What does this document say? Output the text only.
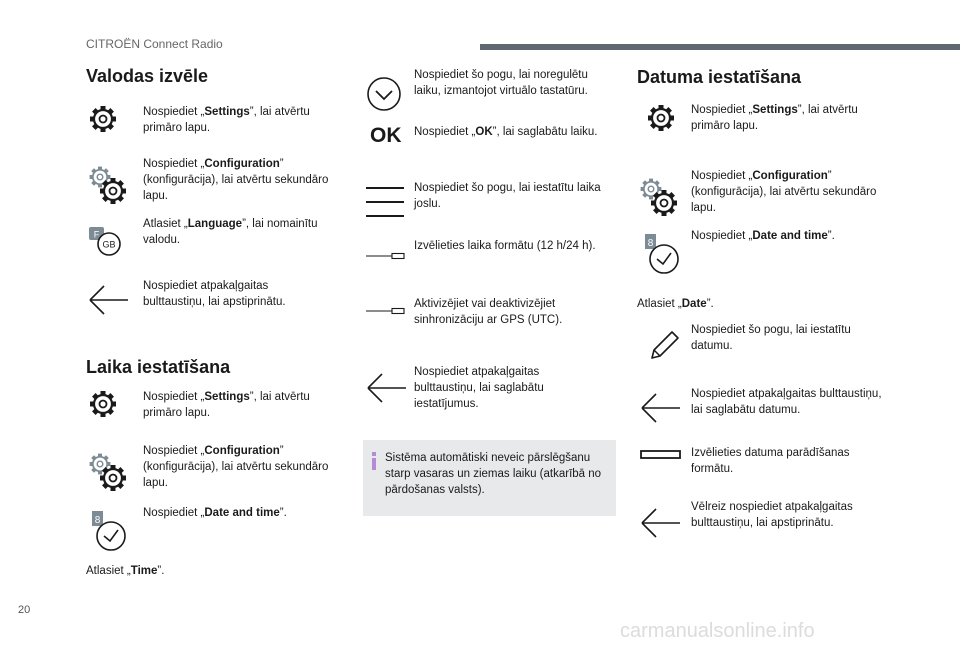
CITROËN Connect Radio
Valodas izvēle
Nospiediet „Settings”, lai atvērtu primāro lapu.
Nospiediet „Configuration” (konfigurācija), lai atvērtu sekundāro lapu.
F
GB
Atlasiet „Language”, lai nomainītu valodu.
Nospiediet atpakaļgaitas bulttaustiņu, lai apstiprinātu.
Laika iestatīšana
Nospiediet „Settings”, lai atvērtu primāro lapu.
Nospiediet „Configuration” (konfigurācija), lai atvērtu sekundāro lapu.
8
Nospiediet „Date and time”.
Atlasiet „Time”.
Nospiediet šo pogu, lai noregulētu laiku, izmantojot virtuālo tastatūru.
OK Nospiediet „OK”, lai saglabātu laiku.
Nospiediet šo pogu, lai iestatītu laika joslu.
Izvēlieties laika formātu (12 h/24 h).
Aktivizējiet vai deaktivizējiet sinhronizāciju ar GPS (UTC).
Nospiediet atpakaļgaitas bulttaustiņu, lai saglabātu iestatījumus.
Sistēma automātiski neveic pārslēgšanu starp vasaras un ziemas laiku (atkarībā no pārdošanas valsts).
Datuma iestatīšana
Nospiediet „Settings”, lai atvērtu primāro lapu.
Nospiediet „Configuration” (konfigurācija), lai atvērtu sekundāro lapu.
8
Nospiediet „Date and time”.
Atlasiet „Date”.
Nospiediet šo pogu, lai iestatītu datumu.
Nospiediet atpakaļgaitas bulttaustiņu, lai saglabātu datumu.
Izvēlieties datuma parādīšanas formātu.
Vēlreiz nospiediet atpakaļgaitas bulttaustiņu, lai apstiprinātu.
20
carmanualsonline.info
